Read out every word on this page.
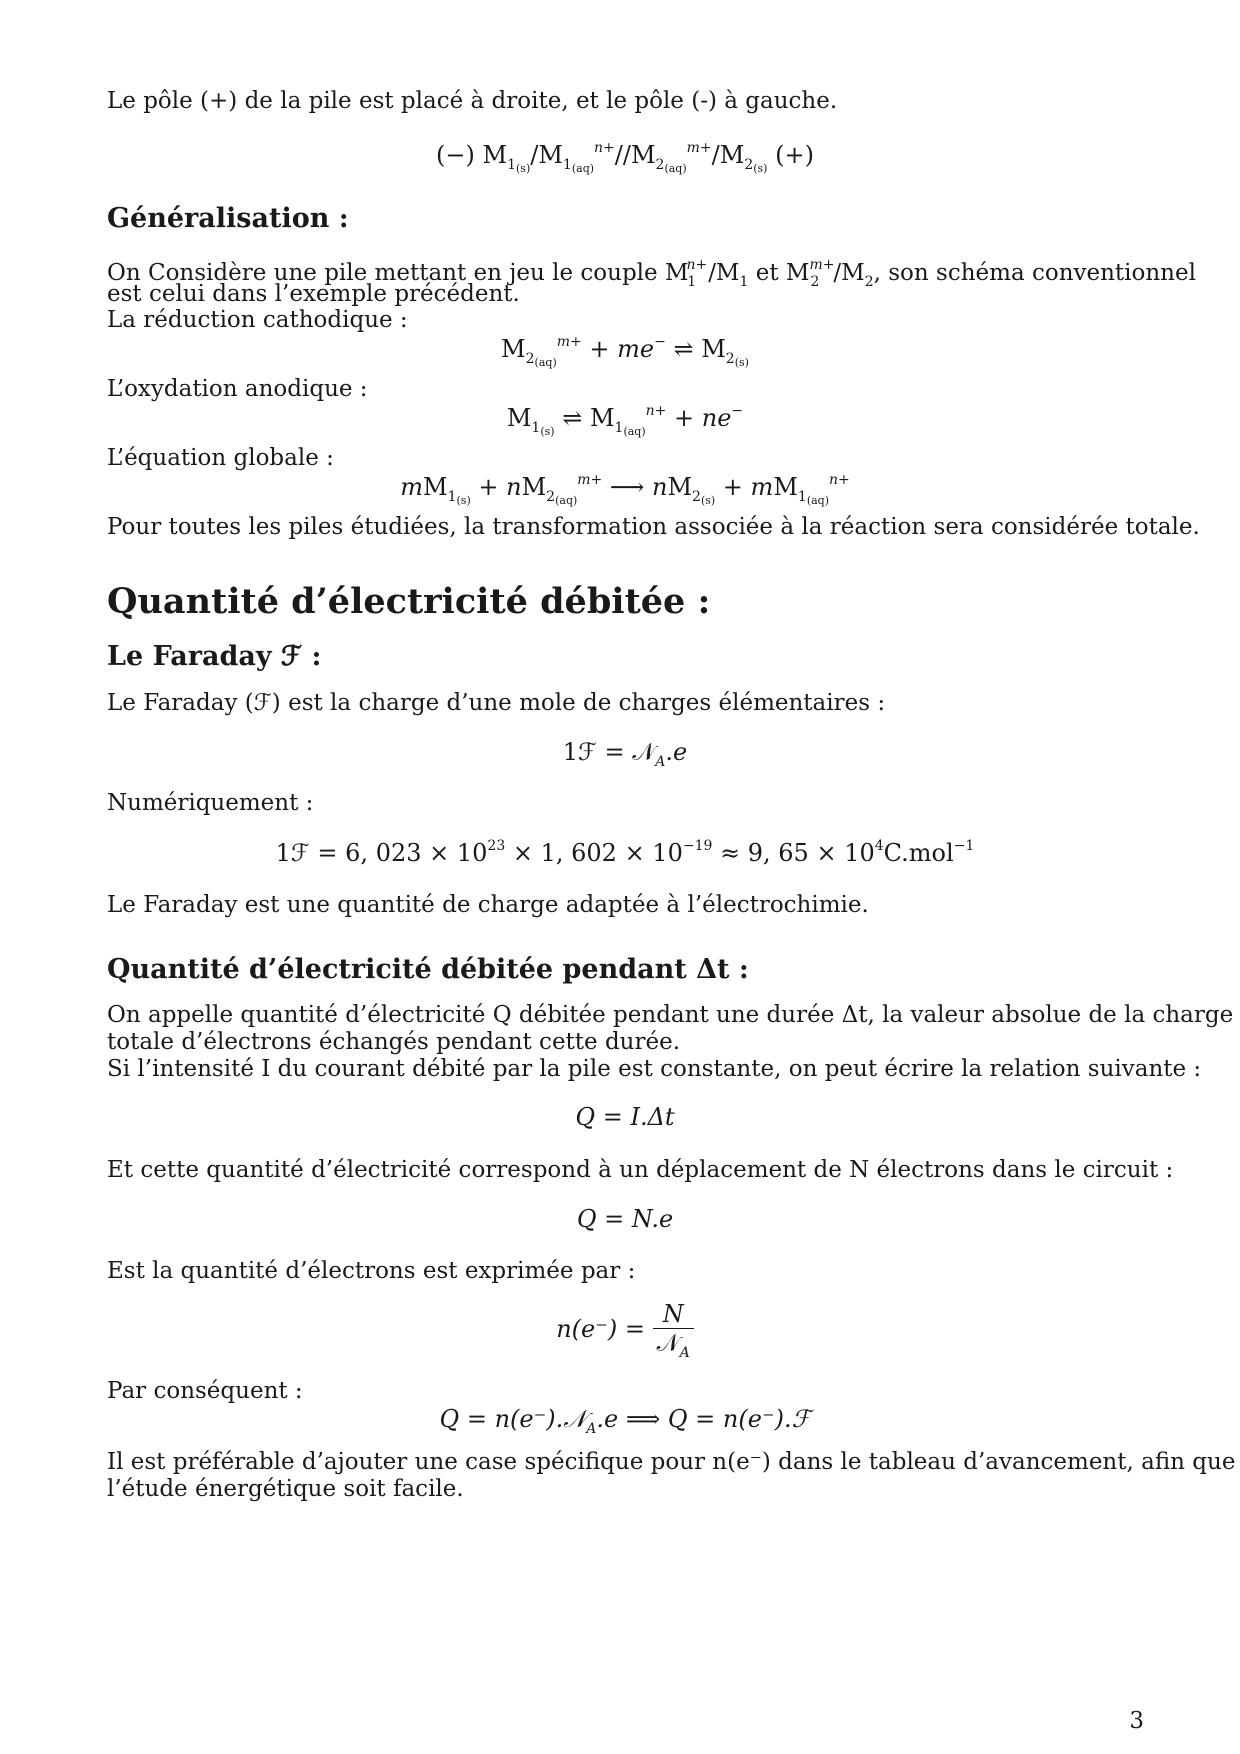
Le pôle (+) de la pile est placé à droite, et le pôle (-) à gauche.
(−) $M_{1_{(s)}}/M_{1_{(aq)}}^{n+}//M_{2_{(aq)}}^{m+}/M_{2_{(s)}}$ (+)
Généralisation :
On Considère une pile mettant en jeu le couple $M^{n+}_1$ $/M_1$ et $M^{m+}_2$ $/M_2$, son schéma conventionnel
est celui dans l’exemple précédent.
La réduction cathodique :
$M_{2_{(aq)}}^{m+} + me^-$ ⇌ $M_{2_{(s)}}$
L’oxydation anodique :
$M_{1_{(s)}}$ ⇌ $M_{1_{(aq)}}^{n+} + ne^-$
L’équation globale :
$mM_{1_{(s)}} + nM_{2_{(aq)}}^{m+}$ ⟶ $nM_{2_{(s)}} + mM_{1_{(aq)}}^{n+}$
Pour toutes les piles étudiées, la transformation associée à la réaction sera considérée totale.
Quantité d’électricité débitée :
Le Faraday ℱ :
Le Faraday (ℱ) est la charge d’une mole de charges élémentaires :
1ℱ = 𝒩$_A$.e
Numériquement :
1ℱ = 6, $023 \times 10^{23} \times 1$, $602 \times 10^{-19} \approx 9$, $65 \times 10^4C.mol^{-1}$
Le Faraday est une quantité de charge adaptée à l’électrochimie.
Quantité d’électricité débitée pendant Δt :
On appelle quantité d’électricité Q débitée pendant une durée Δt, la valeur absolue de la charge
totale d’électrons échangés pendant cette durée.
Si l’intensité I du courant débité par la pile est constante, on peut écrire la relation suivante :
Q = I.Δt
Et cette quantité d’électricité correspond à un déplacement de N électrons dans le circuit :
Q = N.e
Est la quantité d’électrons est exprimée par :
$n(e^-) = \frac{N}{𝒩_A}$
Par conséquent :
Q = n(e⁻).𝒩$_A$.e ⟹ Q = n(e⁻).ℱ
Il est préférable d’ajouter une case spécifique pour n(e⁻) dans le tableau d’avancement, afin que
l’étude énergétique soit facile.
3
